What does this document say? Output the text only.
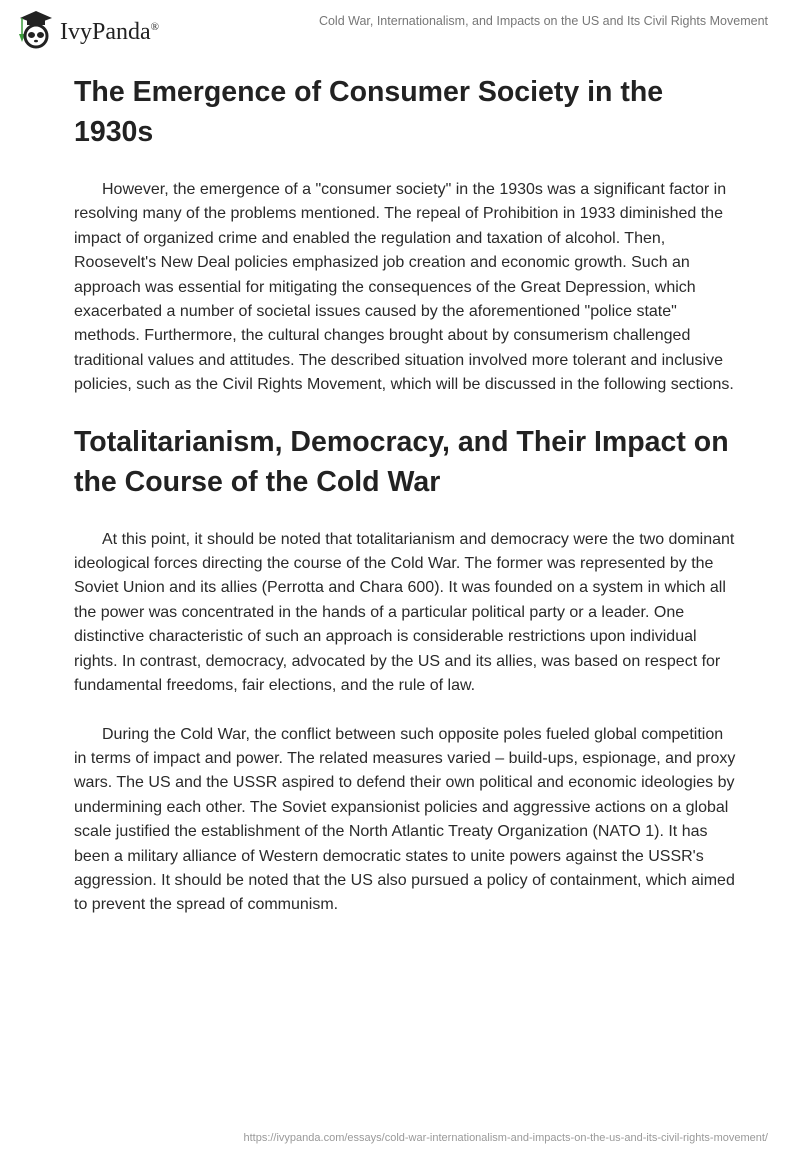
IvyPanda®	Cold War, Internationalism, and Impacts on the US and Its Civil Rights Movement
The Emergence of Consumer Society in the 1930s

However, the emergence of a "consumer society" in the 1930s was a significant factor in resolving many of the problems mentioned. The repeal of Prohibition in 1933 diminished the impact of organized crime and enabled the regulation and taxation of alcohol. Then, Roosevelt's New Deal policies emphasized job creation and economic growth. Such an approach was essential for mitigating the consequences of the Great Depression, which exacerbated a number of societal issues caused by the aforementioned "police state" methods. Furthermore, the cultural changes brought about by consumerism challenged traditional values and attitudes. The described situation involved more tolerant and inclusive policies, such as the Civil Rights Movement, which will be discussed in the following sections.

Totalitarianism, Democracy, and Their Impact on the Course of the Cold War

At this point, it should be noted that totalitarianism and democracy were the two dominant ideological forces directing the course of the Cold War. The former was represented by the Soviet Union and its allies (Perrotta and Chara 600). It was founded on a system in which all the power was concentrated in the hands of a particular political party or a leader. One distinctive characteristic of such an approach is considerable restrictions upon individual rights. In contrast, democracy, advocated by the US and its allies, was based on respect for fundamental freedoms, fair elections, and the rule of law.

During the Cold War, the conflict between such opposite poles fueled global competition in terms of impact and power. The related measures varied – build-ups, espionage, and proxy wars. The US and the USSR aspired to defend their own political and economic ideologies by undermining each other. The Soviet expansionist policies and aggressive actions on a global scale justified the establishment of the North Atlantic Treaty Organization (NATO 1). It has been a military alliance of Western democratic states to unite powers against the USSR's aggression. It should be noted that the US also pursued a policy of containment, which aimed to prevent the spread of communism.

https://ivypanda.com/essays/cold-war-internationalism-and-impacts-on-the-us-and-its-civil-rights-movement/
